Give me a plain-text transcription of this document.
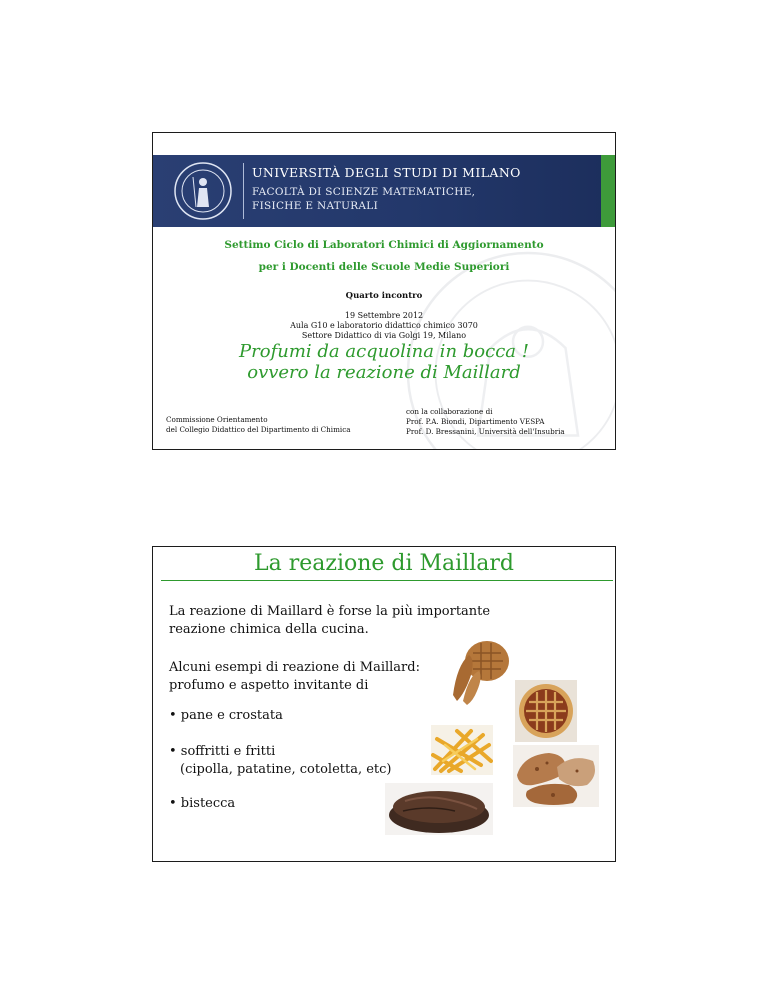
UNIVERSITÀ DEGLI STUDI DI MILANO
FACOLTÀ DI SCIENZE MATEMATICHE,
FISICHE E NATURALI
Settimo Ciclo di Laboratori Chimici di Aggiornamento
per i Docenti delle Scuole Medie Superiori
Quarto incontro
19 Settembre 2012
Aula G10 e laboratorio didattico chimico 3070
Settore Didattico di via Golgi 19, Milano
Profumi da acquolina in bocca !
ovvero la reazione di Maillard
Commissione Orientamento
del Collegio Didattico del Dipartimento di Chimica
con la collaborazione di
Prof. P.A. Biondi, Dipartimento VESPA
Prof. D. Bressanini, Università dell'Insubria
La reazione di Maillard
La reazione di Maillard è forse la più importante
reazione chimica della cucina.
Alcuni esempi di reazione di Maillard:
profumo e aspetto invitante di
• pane e crostata
• soffritti e fritti
(cipolla, patatine, cotoletta, etc)
• bistecca
